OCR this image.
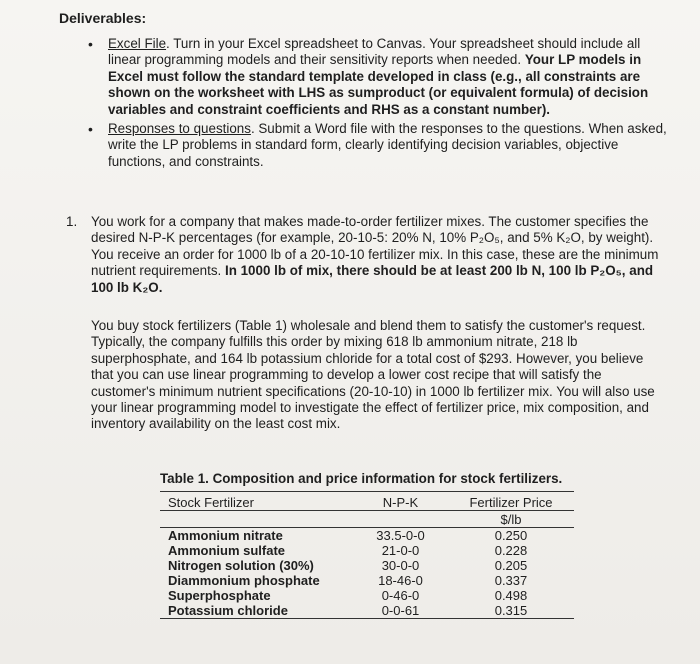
Deliverables:
• Excel File. Turn in your Excel spreadsheet to Canvas. Your spreadsheet should include all linear programming models and their sensitivity reports when needed. Your LP models in Excel must follow the standard template developed in class (e.g., all constraints are shown on the worksheet with LHS as sumproduct (or equivalent formula) of decision variables and constraint coefficients and RHS as a constant number).
• Responses to questions. Submit a Word file with the responses to the questions. When asked, write the LP problems in standard form, clearly identifying decision variables, objective functions, and constraints.
1. You work for a company that makes made-to-order fertilizer mixes. The customer specifies the desired N-P-K percentages (for example, 20-10-5: 20% N, 10% P₂O₅, and 5% K₂O, by weight). You receive an order for 1000 lb of a 20-10-10 fertilizer mix. In this case, these are the minimum nutrient requirements. In 1000 lb of mix, there should be at least 200 lb N, 100 lb P₂O₅, and 100 lb K₂O.
You buy stock fertilizers (Table 1) wholesale and blend them to satisfy the customer's request. Typically, the company fulfills this order by mixing 618 lb ammonium nitrate, 218 lb superphosphate, and 164 lb potassium chloride for a total cost of $293. However, you believe that you can use linear programming to develop a lower cost recipe that will satisfy the customer's minimum nutrient specifications (20-10-10) in 1000 lb fertilizer mix. You will also use your linear programming model to investigate the effect of fertilizer price, mix composition, and inventory availability on the least cost mix.
Table 1. Composition and price information for stock fertilizers.
Stock Fertilizer	N-P-K	Fertilizer Price
		$/lb
Ammonium nitrate	33.5-0-0	0.250
Ammonium sulfate	21-0-0	0.228
Nitrogen solution (30%)	30-0-0	0.205
Diammonium phosphate	18-46-0	0.337
Superphosphate	0-46-0	0.498
Potassium chloride	0-0-61	0.315
